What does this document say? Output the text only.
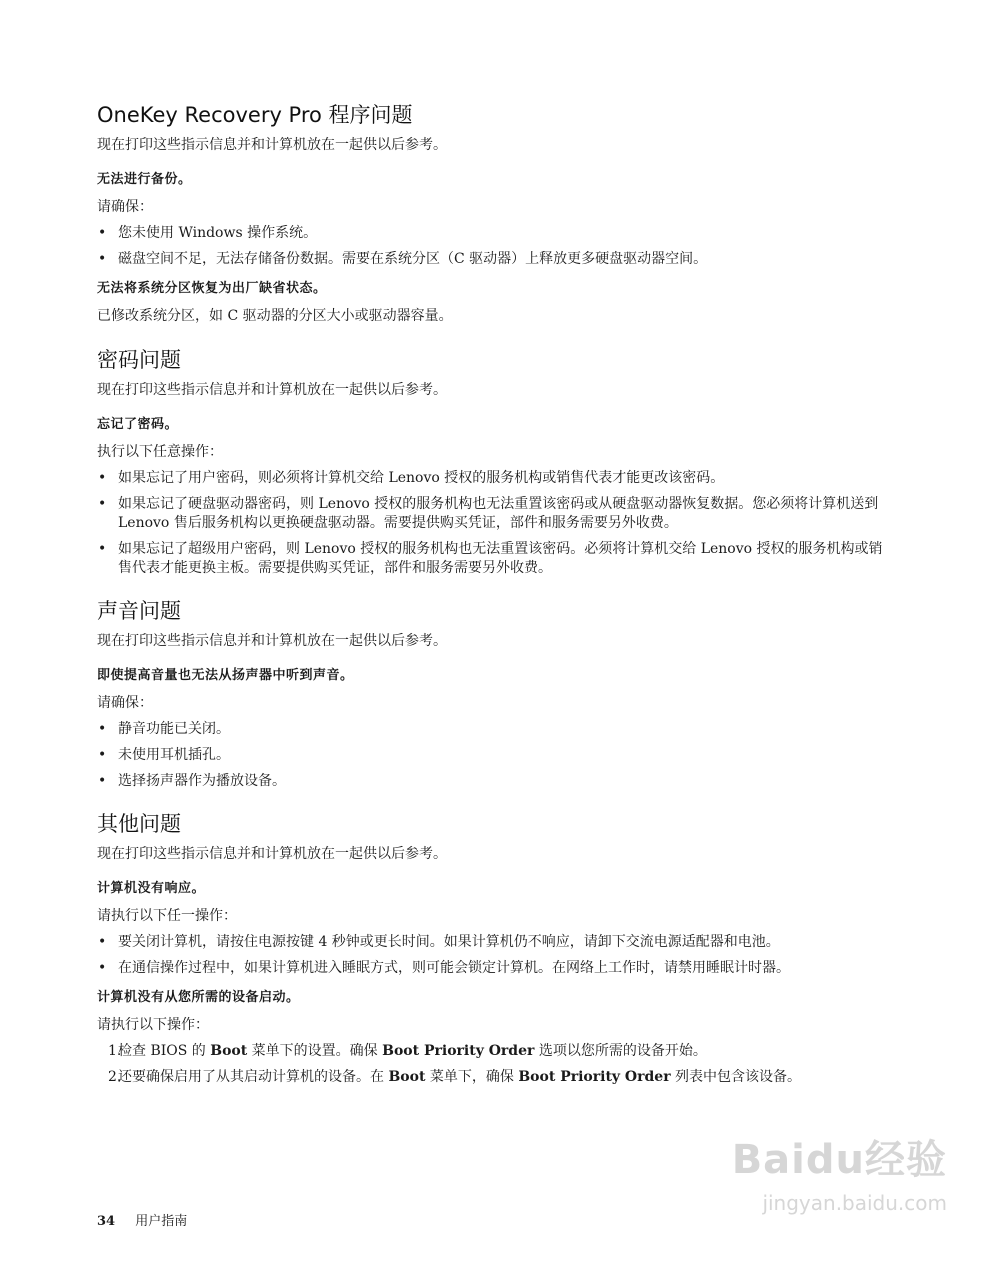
OneKey Recovery Pro 程序问题
现在打印这些指示信息并和计算机放在一起供以后参考。
无法进行备份。

请确保：

• 您未使用 Windows 操作系统。
• 磁盘空间不足，无法存储备份数据。需要在系统分区（C 驱动器）上释放更多硬盘驱动器空间。
无法将系统分区恢复为出厂缺省状态。

已修改系统分区，如 C 驱动器的分区大小或驱动器容量。

密码问题
现在打印这些指示信息并和计算机放在一起供以后参考。
忘记了密码。

执行以下任意操作：

• 如果忘记了用户密码，则必须将计算机交给 Lenovo 授权的服务机构或销售代表才能更改该密码。
• 如果忘记了硬盘驱动器密码，则 Lenovo 授权的服务机构也无法重置该密码或从硬盘驱动器恢复数据。您必须将计算机送到 Lenovo 售后服务机构以更换硬盘驱动器。需要提供购买凭证，部件和服务需要另外收费。
• 如果忘记了超级用户密码，则 Lenovo 授权的服务机构也无法重置该密码。必须将计算机交给 Lenovo 授权的服务机构或销售代表才能更换主板。需要提供购买凭证，部件和服务需要另外收费。
声音问题
现在打印这些指示信息并和计算机放在一起供以后参考。
即使提高音量也无法从扬声器中听到声音。

请确保：

• 静音功能已关闭。
• 未使用耳机插孔。
• 选择扬声器作为播放设备。
其他问题
现在打印这些指示信息并和计算机放在一起供以后参考。
计算机没有响应。

请执行以下任一操作：

• 要关闭计算机，请按住电源按键 4 秒钟或更长时间。如果计算机仍不响应，请卸下交流电源适配器和电池。
• 在通信操作过程中，如果计算机进入睡眠方式，则可能会锁定计算机。在网络上工作时，请禁用睡眠计时器。
计算机没有从您所需的设备启动。

请执行以下操作：

1.
检查 BIOS 的 Boot 菜单下的设置。确保 Boot Priority Order 选项以您所需的设备开始。
2.
还要确保启用了从其启动计算机的设备。在 Boot 菜单下，确保 Boot Priority Order 列表中包含该设备。
34 用户指南
Baidu经验
jingyan.baidu.com
